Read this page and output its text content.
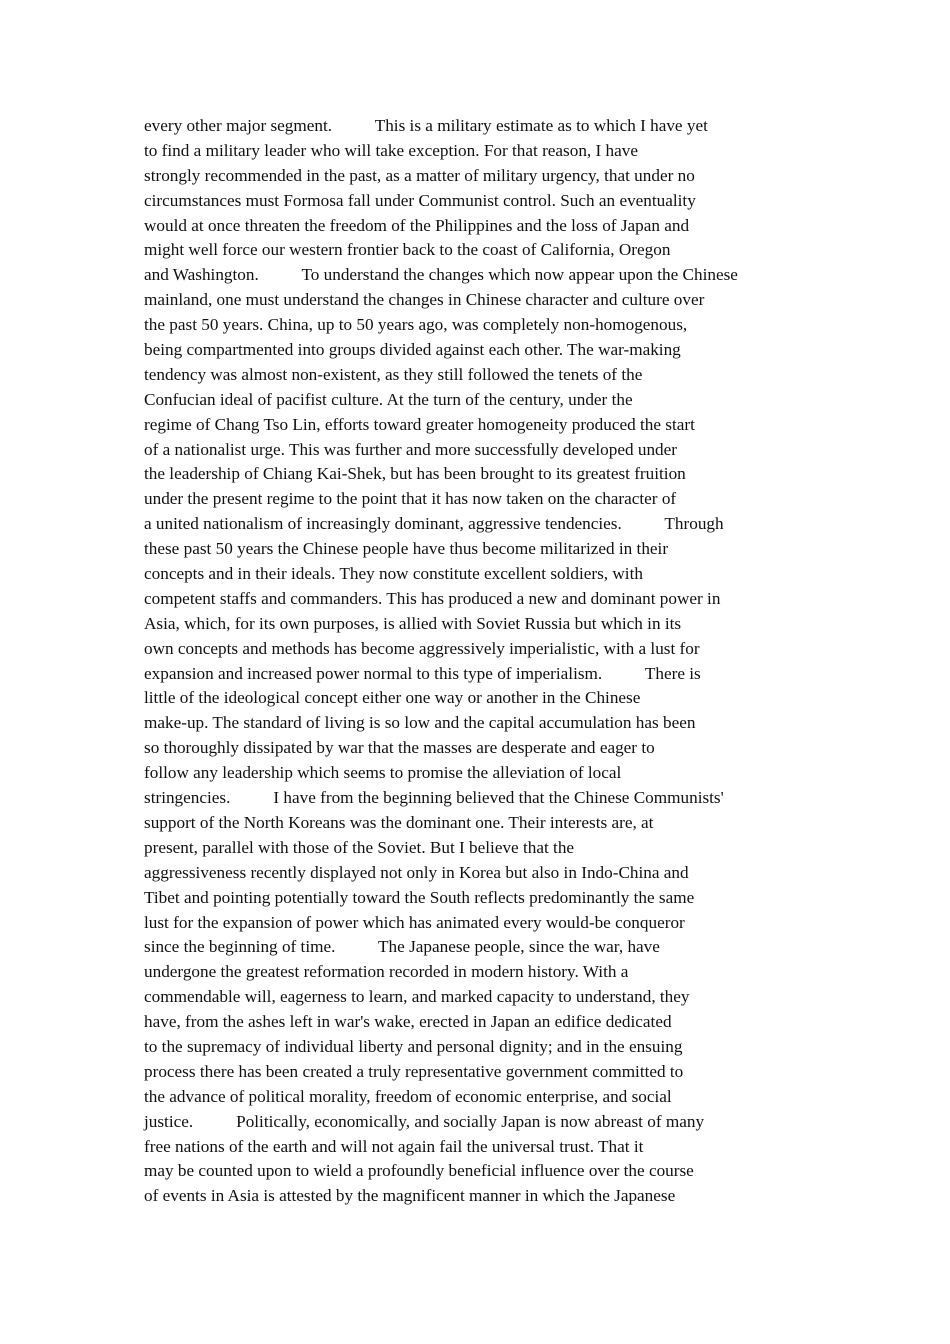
every other major segment.          This is a military estimate as to which I have yet
to find a military leader who will take exception. For that reason, I have
strongly recommended in the past, as a matter of military urgency, that under no
circumstances must Formosa fall under Communist control. Such an eventuality
would at once threaten the freedom of the Philippines and the loss of Japan and
might well force our western frontier back to the coast of California, Oregon
and Washington.          To understand the changes which now appear upon the Chinese
mainland, one must understand the changes in Chinese character and culture over
the past 50 years. China, up to 50 years ago, was completely non-homogenous,
being compartmented into groups divided against each other. The war-making
tendency was almost non-existent, as they still followed the tenets of the
Confucian ideal of pacifist culture. At the turn of the century, under the
regime of Chang Tso Lin, efforts toward greater homogeneity produced the start
of a nationalist urge. This was further and more successfully developed under
the leadership of Chiang Kai-Shek, but has been brought to its greatest fruition
under the present regime to the point that it has now taken on the character of
a united nationalism of increasingly dominant, aggressive tendencies.          Through
these past 50 years the Chinese people have thus become militarized in their
concepts and in their ideals. They now constitute excellent soldiers, with
competent staffs and commanders. This has produced a new and dominant power in
Asia, which, for its own purposes, is allied with Soviet Russia but which in its
own concepts and methods has become aggressively imperialistic, with a lust for
expansion and increased power normal to this type of imperialism.          There is
little of the ideological concept either one way or another in the Chinese
make-up. The standard of living is so low and the capital accumulation has been
so thoroughly dissipated by war that the masses are desperate and eager to
follow any leadership which seems to promise the alleviation of local
stringencies.          I have from the beginning believed that the Chinese Communists'
support of the North Koreans was the dominant one. Their interests are, at
present, parallel with those of the Soviet. But I believe that the
aggressiveness recently displayed not only in Korea but also in Indo-China and
Tibet and pointing potentially toward the South reflects predominantly the same
lust for the expansion of power which has animated every would-be conqueror
since the beginning of time.          The Japanese people, since the war, have
undergone the greatest reformation recorded in modern history. With a
commendable will, eagerness to learn, and marked capacity to understand, they
have, from the ashes left in war's wake, erected in Japan an edifice dedicated
to the supremacy of individual liberty and personal dignity; and in the ensuing
process there has been created a truly representative government committed to
the advance of political morality, freedom of economic enterprise, and social
justice.          Politically, economically, and socially Japan is now abreast of many
free nations of the earth and will not again fail the universal trust. That it
may be counted upon to wield a profoundly beneficial influence over the course
of events in Asia is attested by the magnificent manner in which the Japanese
